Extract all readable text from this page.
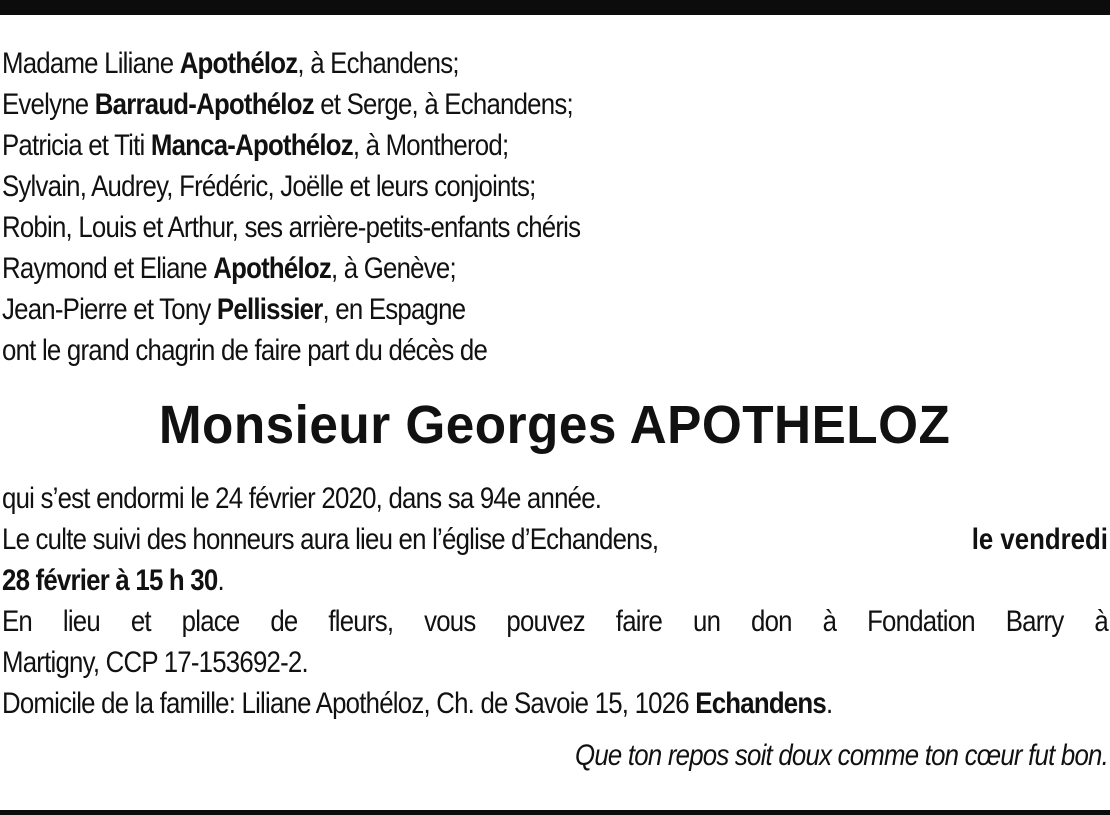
Madame Liliane Apothéloz, à Echandens;
Evelyne Barraud-Apothéloz et Serge, à Echandens;
Patricia et Titi Manca-Apothéloz, à Montherod;
Sylvain, Audrey, Frédéric, Joëlle et leurs conjoints;
Robin, Louis et Arthur, ses arrière-petits-enfants chéris
Raymond et Eliane Apothéloz, à Genève;
Jean-Pierre et Tony Pellissier, en Espagne
ont le grand chagrin de faire part du décès de
Monsieur Georges APOTHELOZ
qui s’est endormi le 24 février 2020, dans sa 94e année.
Le culte suivi des honneurs aura lieu en l’église d’Echandens,	le vendredi
28 février à 15 h 30.
En lieu et place de fleurs, vous pouvez faire un don à Fondation Barry à
Martigny, CCP 17-153692-2.
Domicile de la famille: Liliane Apothéloz, Ch. de Savoie 15, 1026 Echandens.
Que ton repos soit doux comme ton cœur fut bon.
